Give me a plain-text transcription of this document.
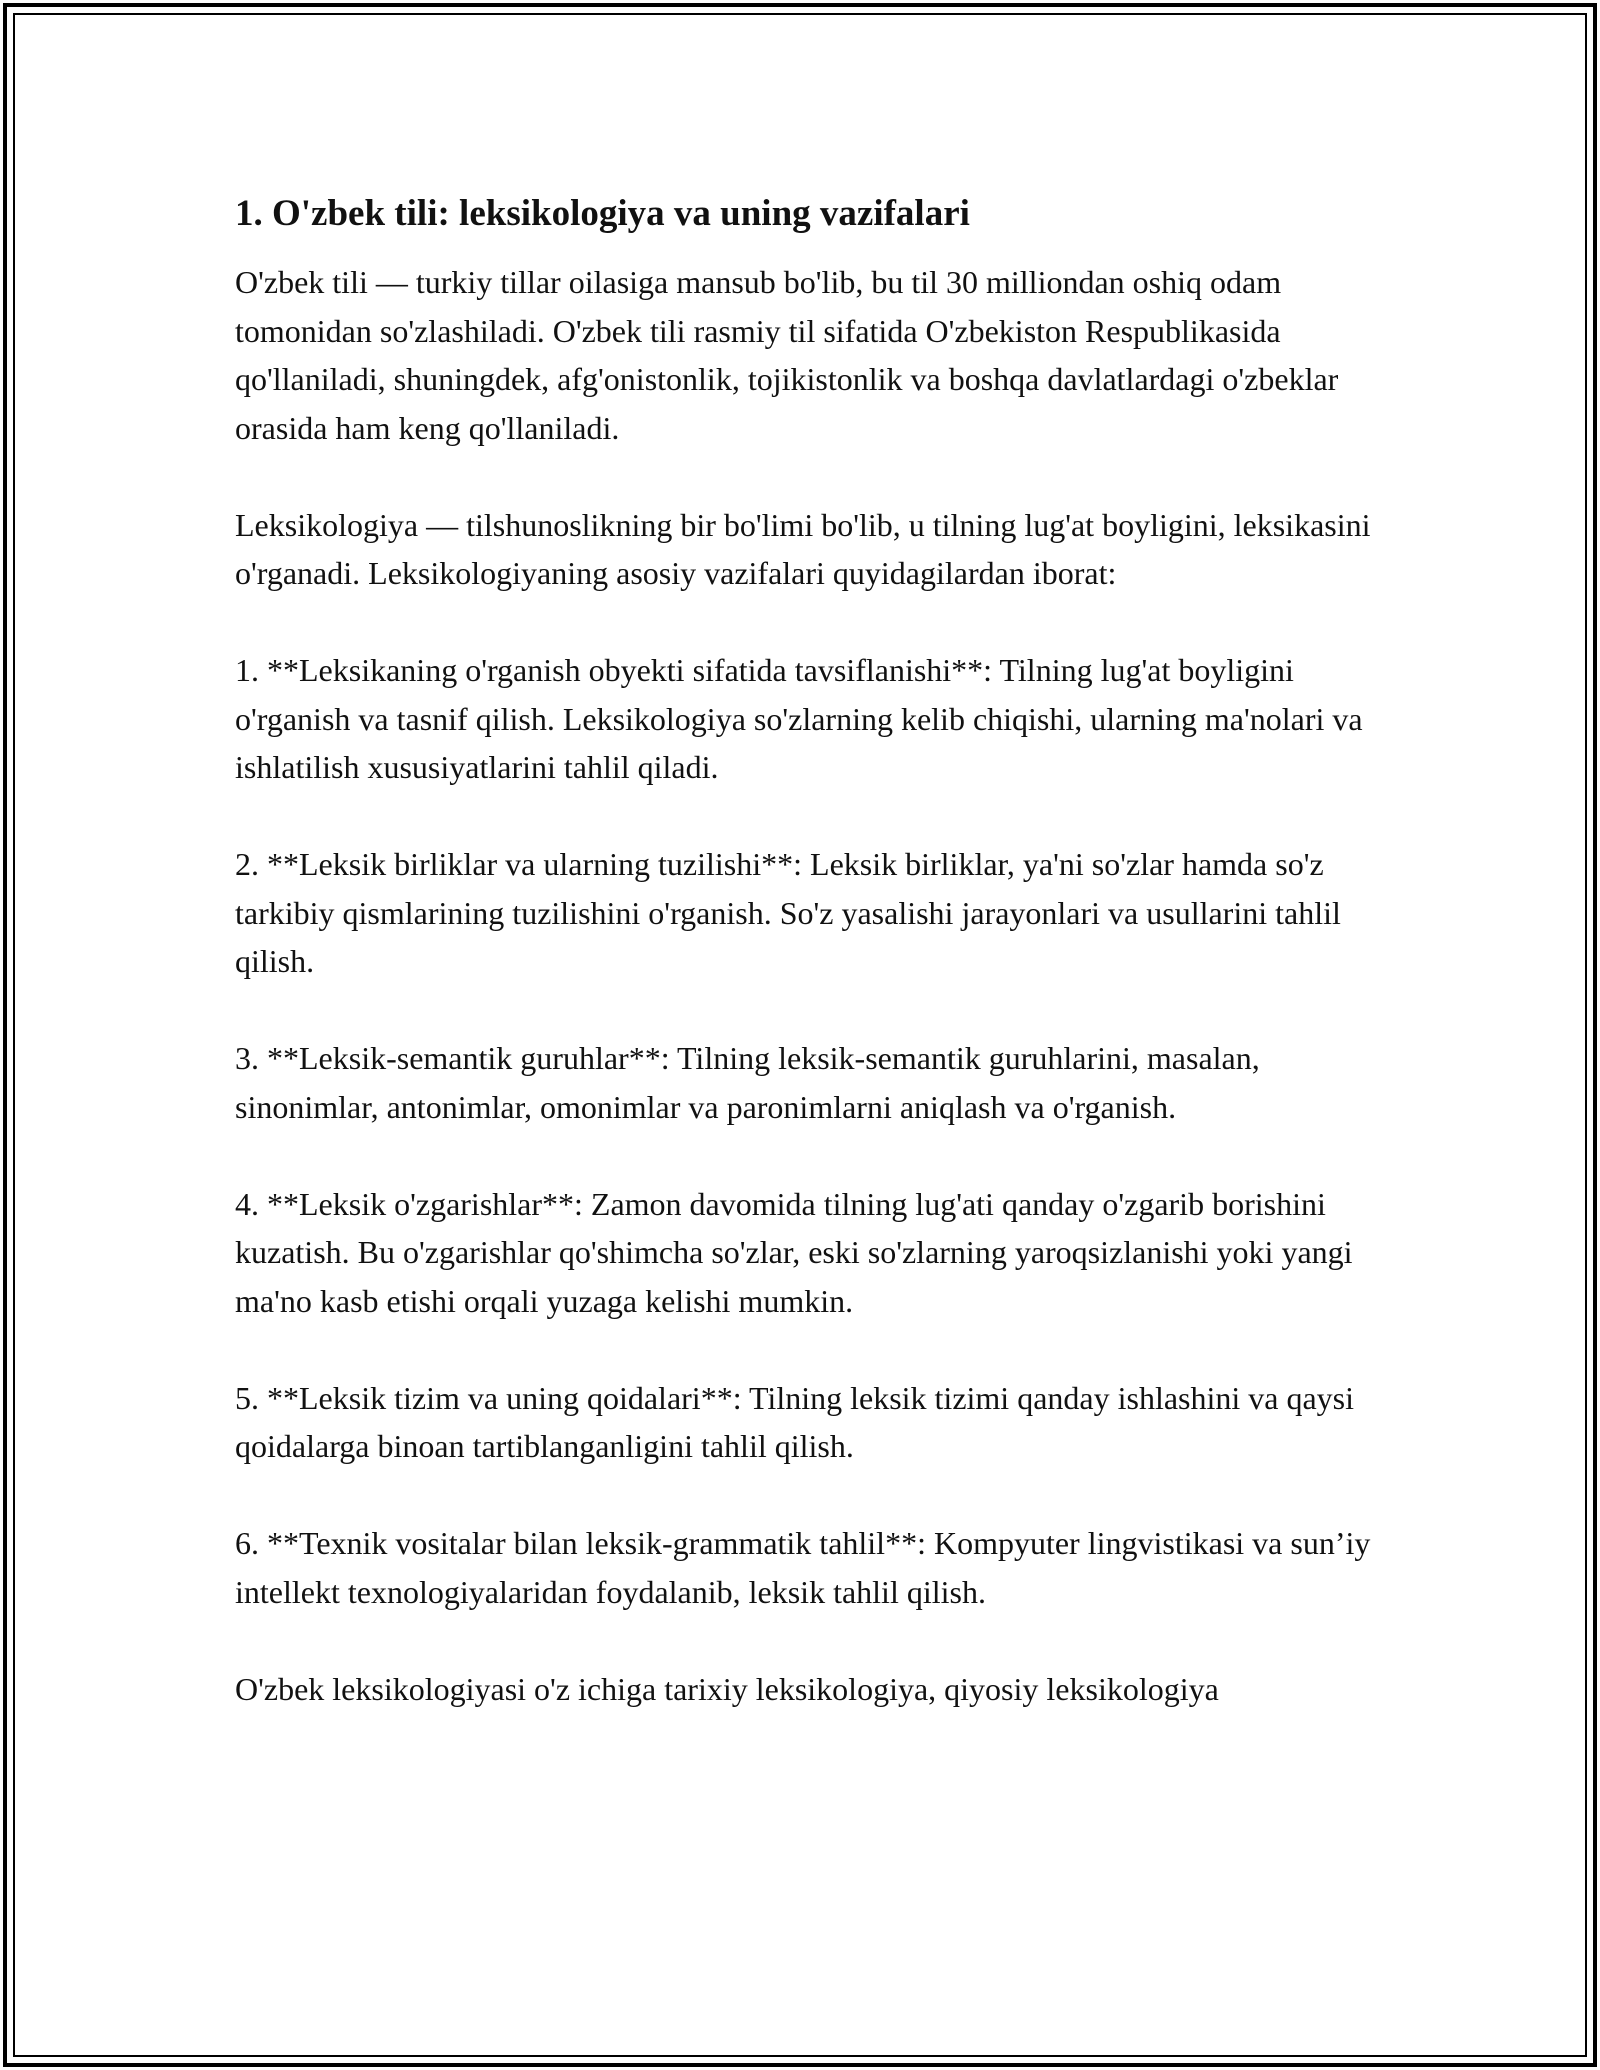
1. O'zbek tili: leksikologiya va uning vazifalari
O'zbek tili — turkiy tillar oilasiga mansub bo'lib, bu til 30 milliondan oshiq odam tomonidan so'zlashiladi. O'zbek tili rasmiy til sifatida O'zbekiston Respublikasida qo'llaniladi, shuningdek, afg'onistonlik, tojikistonlik va boshqa davlatlardagi o'zbeklar orasida ham keng qo'llaniladi.
Leksikologiya — tilshunoslikning bir bo'limi bo'lib, u tilning lug'at boyligini, leksikasini o'rganadi. Leksikologiyaning asosiy vazifalari quyidagilardan iborat:
1. **Leksikaning o'rganish obyekti sifatida tavsiflanishi**: Tilning lug'at boyligini o'rganish va tasnif qilish. Leksikologiya so'zlarning kelib chiqishi, ularning ma'nolari va ishlatilish xususiyatlarini tahlil qiladi.
2. **Leksik birliklar va ularning tuzilishi**: Leksik birliklar, ya'ni so'zlar hamda so'z tarkibiy qismlarining tuzilishini o'rganish. So'z yasalishi jarayonlari va usullarini tahlil qilish.
3. **Leksik-semantik guruhlar**: Tilning leksik-semantik guruhlarini, masalan, sinonimlar, antonimlar, omonimlar va paronimlarni aniqlash va o'rganish.
4. **Leksik o'zgarishlar**: Zamon davomida tilning lug'ati qanday o'zgarib borishini kuzatish. Bu o'zgarishlar qo'shimcha so'zlar, eski so'zlarning yaroqsizlanishi yoki yangi ma'no kasb etishi orqali yuzaga kelishi mumkin.
5. **Leksik tizim va uning qoidalari**: Tilning leksik tizimi qanday ishlashini va qaysi qoidalarga binoan tartiblanganligini tahlil qilish.
6. **Texnik vositalar bilan leksik-grammatik tahlil**: Kompyuter lingvistikasi va sun’iy intellekt texnologiyalaridan foydalanib, leksik tahlil qilish.
O'zbek leksikologiyasi o'z ichiga tarixiy leksikologiya, qiyosiy leksikologiya
